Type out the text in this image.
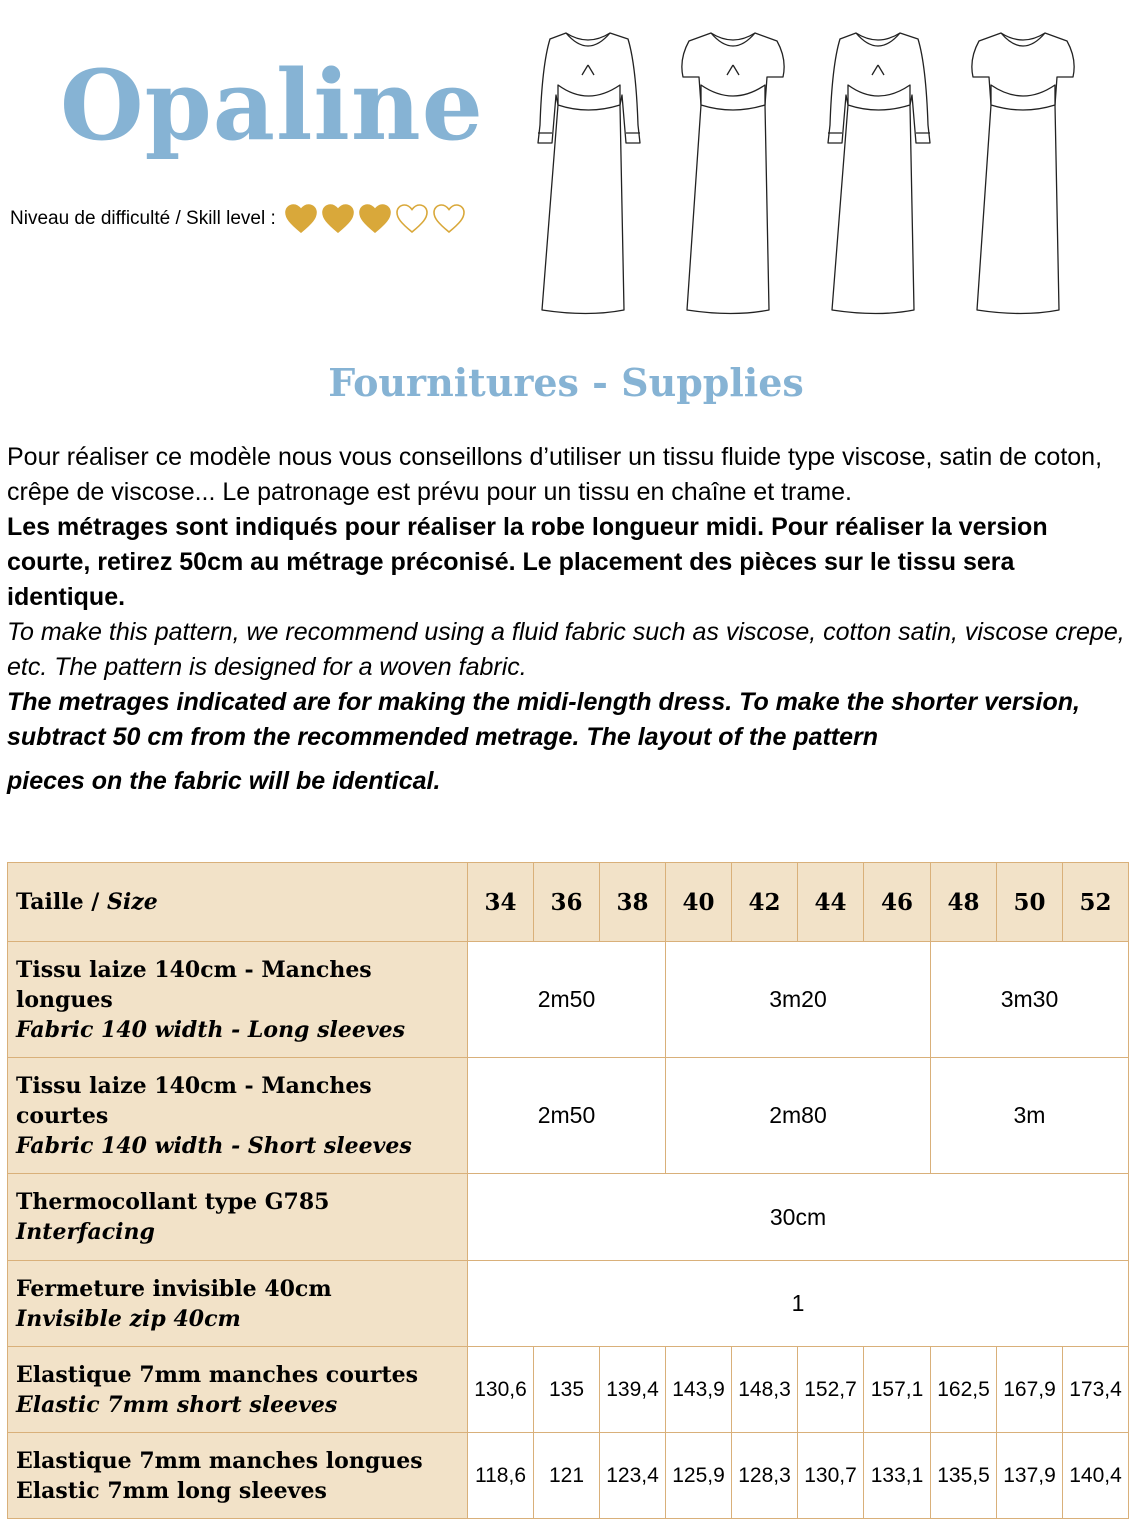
Opaline
Niveau de difficulté / Skill level :
Fournitures - Supplies

Pour réaliser ce modèle nous vous conseillons d’utiliser un tissu fluide type viscose, satin de coton, crêpe de viscose... Le patronage est prévu pour un tissu en chaîne et trame.

Les métrages sont indiqués pour réaliser la robe longueur midi. Pour réaliser la version courte, retirez 50cm au métrage préconisé. Le placement des pièces sur le tissu sera identique.

To make this pattern, we recommend using a fluid fabric such as viscose, cotton satin, viscose crepe, etc. The pattern is designed for a woven fabric.

The metrages indicated are for making the midi-length dress. To make the shorter version, subtract 50 cm from the recommended metrage. The layout of the pattern

pieces on the fabric will be identical.

Taille / Size	34	36	38	40	42	44	46	48	50	52

Tissu laize 140cm - Manches
longues
Fabric 140 width - Long sleeves	2m50			3m20				3m30		

Tissu laize 140cm - Manches
courtes
Fabric 140 width - Short sleeves	2m50			2m80				3m		

Thermocollant type G785
Interfacing	30cm									

Fermeture invisible 40cm
Invisible zip 40cm	1									

Elastique 7mm manches courtes
Elastic 7mm short sleeves	130,6	135	139,4	143,9	148,3	152,7	157,1	162,5	167,9	173,4

Elastique 7mm manches longues
Elastic 7mm long sleeves	118,6	121	123,4	125,9	128,3	130,7	133,1	135,5	137,9	140,4
